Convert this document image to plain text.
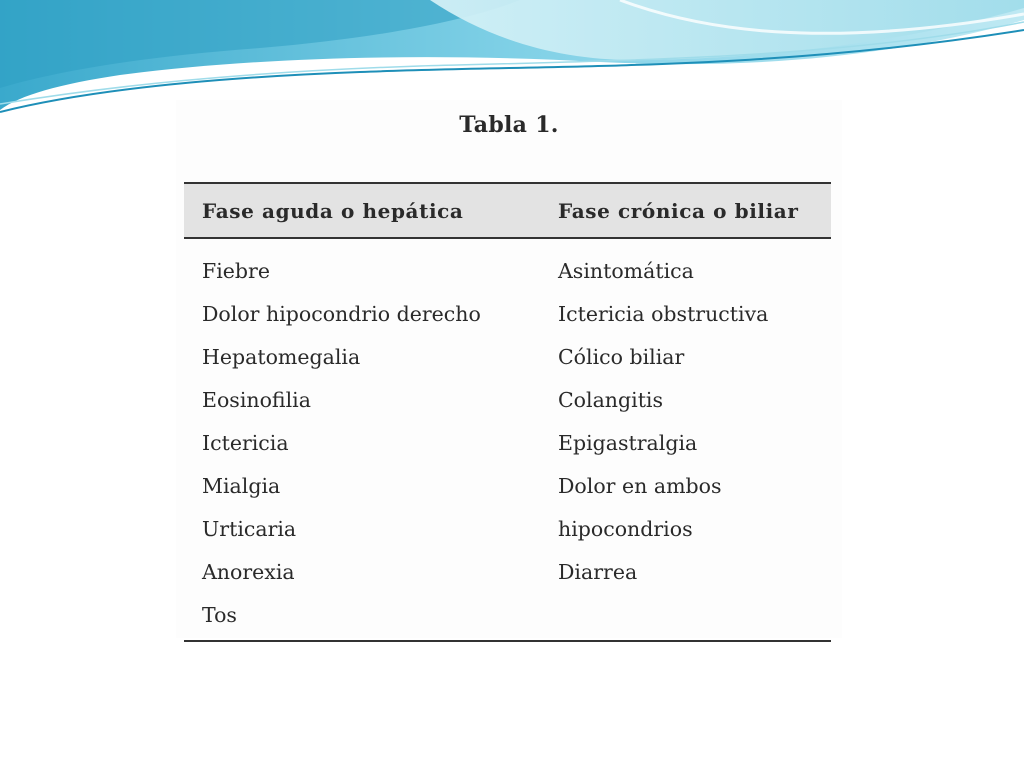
Tabla 1.
Fase aguda o hepática	Fase crónica o biliar
Fiebre	Asintomática
Dolor hipocondrio derecho	Ictericia obstructiva
Hepatomegalia	Cólico biliar
Eosinofilia	Colangitis
Ictericia	Epigastralgia
Mialgia	Dolor en ambos
Urticaria	hipocondrios
Anorexia	Diarrea
Tos	
